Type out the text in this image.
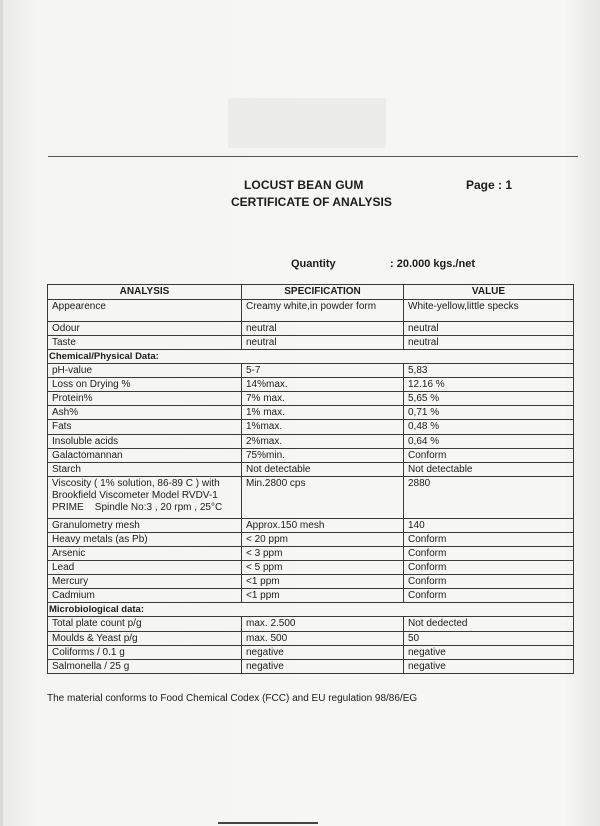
LOCUST BEAN GUM
CERTIFICATE OF ANALYSIS
Page : 1
Quantity	: 20.000 kgs./net
ANALYSIS	SPECIFICATION	VALUE
Appearence	Creamy white,in powder form	White-yellow,little specks
Odour	neutral	neutral
Taste	neutral	neutral
Chemical/Physical Data:		
pH-value	5-7	5,83
Loss on Drying %	14%max.	12.16 %
Protein%	7% max.	5,65 %
Ash%	1% max.	0,71 %
Fats	1%max.	0,48 %
Insoluble acids	2%max.	0,64 %
Galactomannan	75%min.	Conform
Starch	Not detectable	Not detectable

Viscosity ( 1% solution, 86-89 C ) with
Brookfield Viscometer Model RVDV-1
PRIME    Spindle No:3 , 20 rpm , 25°C	Min.2800 cps	2880
Granulometry mesh	Approx.150 mesh	140
Heavy metals (as Pb)	< 20 ppm	Conform
Arsenic	< 3 ppm	Conform
Lead	< 5 ppm	Conform
Mercury	<1 ppm	Conform
Cadmium	<1 ppm	Conform
Microbiological data:		
Total plate count p/g	max. 2.500	Not dedected
Moulds & Yeast p/g	max. 500	50
Coliforms / 0.1 g	negative	negative
Salmonella / 25 g	negative	negative
The material conforms to Food Chemical Codex (FCC) and EU regulation 98/86/EG
